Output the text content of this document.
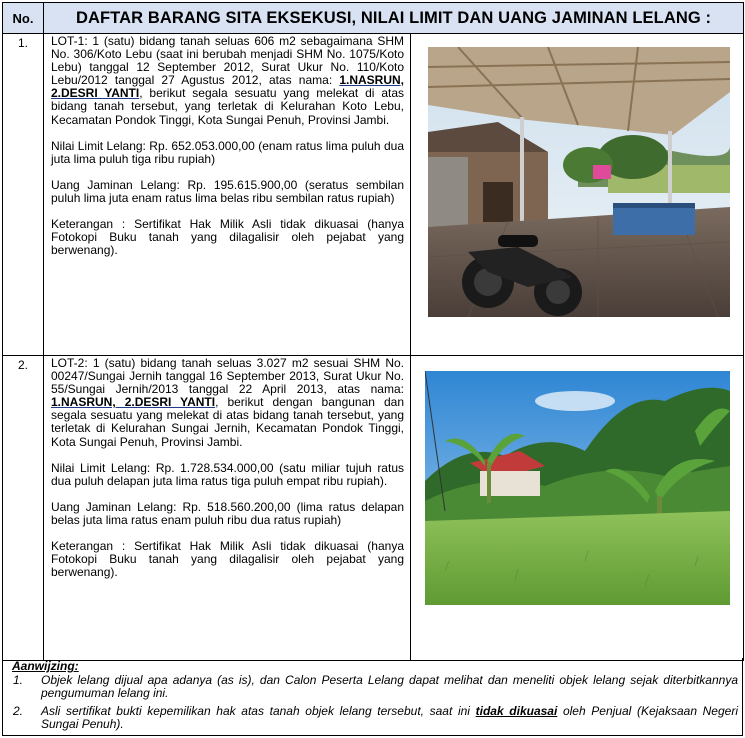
No.	DAFTAR BARANG SITA EKSEKUSI, NILAI LIMIT DAN UANG JAMINAN LELANG :	
1.	LOT-1: 1 (satu) bidang tanah seluas 606 m2 sebagaimana SHM No. 306/Koto Lebu (saat ini berubah menjadi SHM No. 1075/Koto Lebu) tanggal 12 September 2012, Surat Ukur No. 110/Koto Lebu/2012 tanggal 27 Agustus 2012, atas nama: 1.NASRUN, 2.DESRI YANTI, berikut segala sesuatu yang melekat di atas bidang tanah tersebut, yang terletak di Kelurahan Koto Lebu, Kecamatan Pondok Tinggi, Kota Sungai Penuh, Provinsi Jambi.

Nilai Limit Lelang: Rp. 652.053.000,00 (enam ratus lima puluh dua juta lima puluh tiga ribu rupiah)

Uang Jaminan Lelang: Rp. 195.615.900,00 (seratus sembilan puluh lima juta enam ratus lima belas ribu sembilan ratus rupiah)

Keterangan : Sertifikat Hak Milik Asli tidak dikuasai (hanya Fotokopi Buku tanah yang dilagalisir oleh pejabat yang berwenang).

2.	LOT-2: 1 (satu) bidang tanah seluas 3.027 m2 sesuai SHM No. 00247/Sungai Jernih tanggal 16 September 2013, Surat Ukur No. 55/Sungai Jernih/2013 tanggal 22 April 2013, atas nama: 1.NASRUN, 2.DESRI YANTI, berikut dengan bangunan dan segala sesuatu yang melekat di atas bidang tanah tersebut, yang terletak di Kelurahan Sungai Jernih, Kecamatan Pondok Tinggi, Kota Sungai Penuh, Provinsi Jambi.

Nilai Limit Lelang: Rp. 1.728.534.000,00 (satu miliar tujuh ratus dua puluh delapan juta lima ratus tiga puluh empat ribu rupiah).

Uang Jaminan Lelang: Rp. 518.560.200,00 (lima ratus delapan belas juta lima ratus enam puluh ribu dua ratus rupiah)

Keterangan : Sertifikat Hak Milik Asli tidak dikuasai (hanya Fotokopi Buku tanah yang dilagalisir oleh pejabat yang berwenang).

Aanwijzing:
1. Objek lelang dijual apa adanya (as is), dan Calon Peserta Lelang dapat melihat dan meneliti objek lelang sejak diterbitkannya pengumuman lelang ini.
2. Asli sertifikat bukti kepemilikan hak atas tanah objek lelang tersebut, saat ini tidak dikuasai oleh Penjual (Kejaksaan Negeri Sungai Penuh).
